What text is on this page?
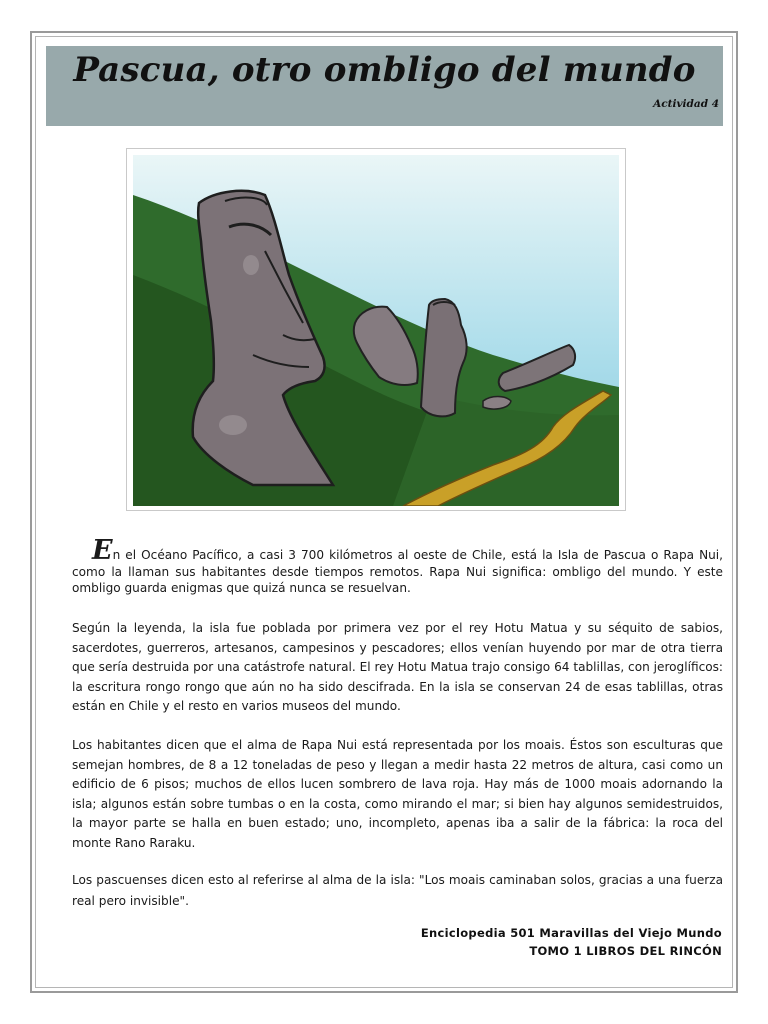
Pascua, otro ombligo del mundo
Actividad 4
En el Océano Pacífico, a casi 3 700 kilómetros al oeste de Chile, está la Isla de Pascua o Rapa Nui, como la llaman sus habitantes desde tiempos remotos. Rapa Nui significa: ombligo del mundo. Y este ombligo guarda enigmas que quizá nunca se resuelvan.
Según la leyenda, la isla fue poblada por primera vez por el rey Hotu Matua y su séquito de sabios, sacerdotes, guerreros, artesanos, campesinos y pescadores; ellos venían huyendo por mar de otra tierra que sería destruida por una catástrofe natural. El rey Hotu Matua trajo consigo 64 tablillas, con jeroglíficos: la escritura rongo rongo que aún no ha sido descifrada. En la isla se conservan 24 de esas tablillas, otras están en Chile y el resto en varios museos del mundo.
Los habitantes dicen que el alma de Rapa Nui está representada por los moais. Éstos son esculturas que semejan hombres, de 8 a 12 toneladas de peso y llegan a medir hasta 22 metros de altura, casi como un edificio de 6 pisos; muchos de ellos lucen sombrero de lava roja. Hay más de 1000 moais adornando la isla; algunos están sobre tumbas o en la costa, como mirando el mar; si bien hay algunos semidestruidos, la mayor parte se halla en buen estado; uno, incompleto, apenas iba a salir de la fábrica: la roca del monte Rano Raraku.
Los pascuenses dicen esto al referirse al alma de la isla: "Los moais caminaban solos, gracias a una fuerza real pero invisible".
Enciclopedia 501 Maravillas del Viejo Mundo
TOMO 1 LIBROS DEL RINCÓN
